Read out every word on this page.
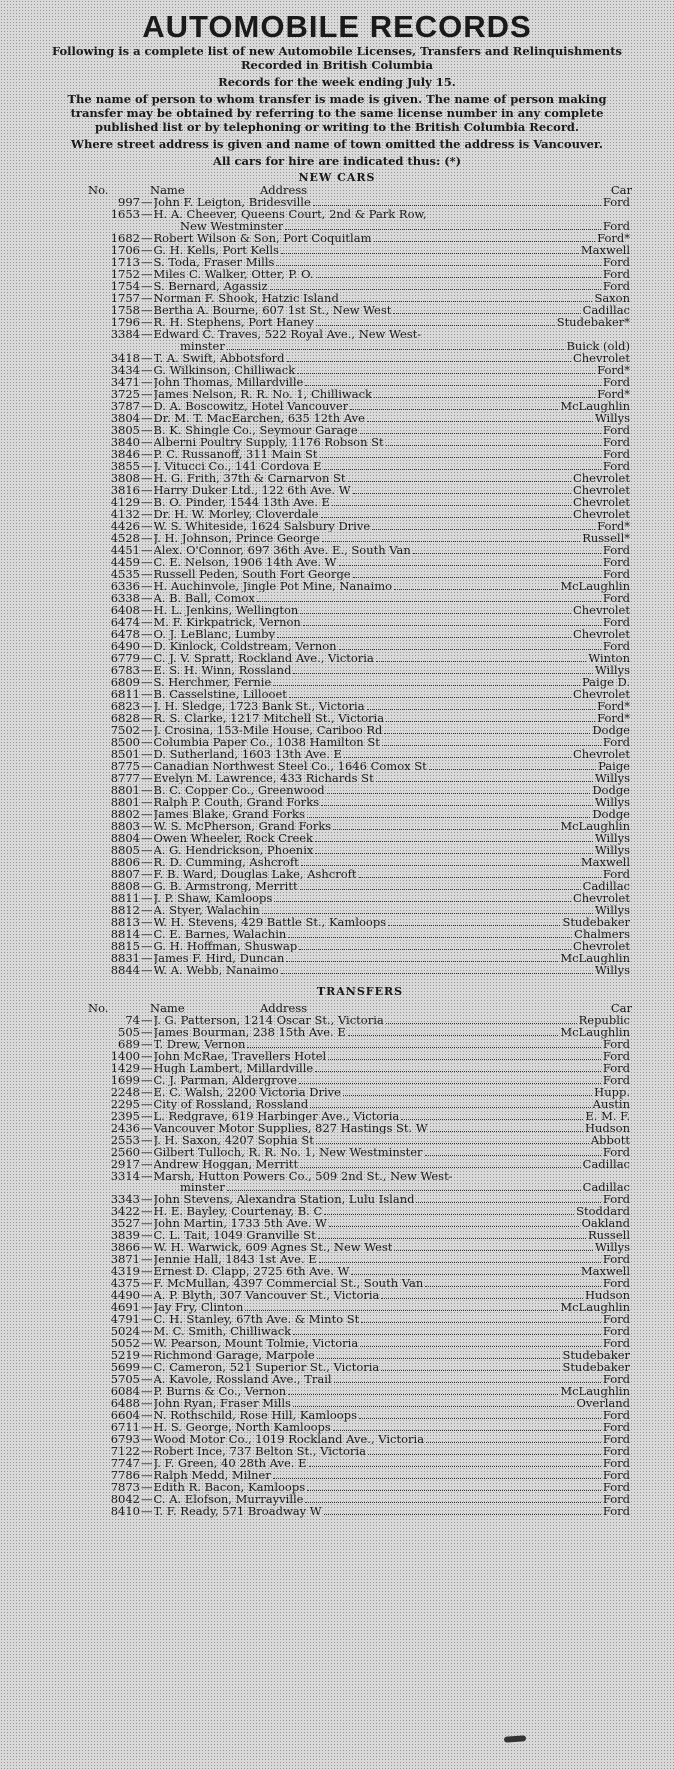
AUTOMOBILE RECORDS

Following is a complete list of new Automobile Licenses, Transfers and Relinquishments Recorded in British Columbia

Records for the week ending July 15.

The name of person to whom transfer is made is given. The name of person making transfer may be obtained by referring to the same license number in any complete published list or by telephoning or writing to the British Columbia Record.

Where street address is given and name of town omitted the address is Vancouver.

All cars for hire are indicated thus: (*)

NEW CARS
No.	Name	Address	Car
997 — John F. Leigton, Bridesville	Ford
1653 — H. A. Cheever, Queens Court, 2nd & Park Row,
New Westminster	Ford
1682 — Robert Wilson & Son, Port Coquitlam	Ford*
1706 — G. H. Kells, Port Kells	Maxwell
1713 — S. Toda, Fraser Mills	Ford
1752 — Miles C. Walker, Otter, P. O.	Ford
1754 — S. Bernard, Agassiz	Ford
1757 — Norman F. Shook, Hatzic Island	Saxon
1758 — Bertha A. Bourne, 607 1st St., New West	Cadillac
1796 — R. H. Stephens, Port Haney	Studebaker*
3384 — Edward C. Traves, 522 Royal Ave., New West-
minster	Buick (old)
3418 — T. A. Swift, Abbotsford	Chevrolet
3434 — G. Wilkinson, Chilliwack	Ford*
3471 — John Thomas, Millardville	Ford
3725 — James Nelson, R. R. No. 1, Chilliwack	Ford*
3787 — D. A. Boscowitz, Hotel Vancouver	McLaughlin
3804 — Dr. M. T. MacEarchen, 635 12th Ave	Willys
3805 — B. K. Shingle Co., Seymour Garage	Ford
3840 — Alberni Poultry Supply, 1176 Robson St	Ford
3846 — P. C. Russanoff, 311 Main St	Ford
3855 — J. Vitucci Co., 141 Cordova E	Ford
3808 — H. G. Frith, 37th & Carnarvon St	Chevrolet
3816 — Harry Duker Ltd., 122 6th Ave. W	Chevrolet
4129 — B. O. Pinder, 1544 13th Ave. E	Chevrolet
4132 — Dr. H. W. Morley, Cloverdale	Chevrolet
4426 — W. S. Whiteside, 1624 Salsbury Drive	Ford*
4528 — J. H. Johnson, Prince George	Russell*
4451 — Alex. O'Connor, 697 36th Ave. E., South Van	Ford
4459 — C. E. Nelson, 1906 14th Ave. W	Ford
4535 — Russell Peden, South Fort George	Ford
6336 — H. Auchinvole, Jingle Pot Mine, Nanaimo	McLaughlin
6338 — A. B. Ball, Comox	Ford
6408 — H. L. Jenkins, Wellington	Chevrolet
6474 — M. F. Kirkpatrick, Vernon	Ford
6478 — O. J. LeBlanc, Lumby	Chevrolet
6490 — D. Kinlock, Coldstream, Vernon	Ford
6779 — C. J. V. Spratt, Rockland Ave., Victoria	Winton
6783 — E. S. H. Winn, Rossland	Willys
6809 — S. Herchmer, Fernie	Paige D.
6811 — B. Casselstine, Lillooet	Chevrolet
6823 — J. H. Sledge, 1723 Bank St., Victoria	Ford*
6828 — R. S. Clarke, 1217 Mitchell St., Victoria	Ford*
7502 — J. Crosina, 153-Mile House, Cariboo Rd	Dodge
8500 — Columbia Paper Co., 1038 Hamilton St	Ford
8501 — D. Sutherland, 1603 13th Ave. E	Chevrolet
8775 — Canadian Northwest Steel Co., 1646 Comox St	Paige
8777 — Evelyn M. Lawrence, 433 Richards St	Willys
8801 — B. C. Copper Co., Greenwood	Dodge
8801 — Ralph P. Couth, Grand Forks	Willys
8802 — James Blake, Grand Forks	Dodge
8803 — W. S. McPherson, Grand Forks	McLaughlin
8804 — Owen Wheeler, Rock Creek	Willys
8805 — A. G. Hendrickson, Phoenix	Willys
8806 — R. D. Cumming, Ashcroft	Maxwell
8807 — F. B. Ward, Douglas Lake, Ashcroft	Ford
8808 — G. B. Armstrong, Merritt	Cadillac
8811 — J. P. Shaw, Kamloops	Chevrolet
8812 — A. Styer, Walachin	Willys
8813 — W. H. Stevens, 429 Battle St., Kamloops	Studebaker
8814 — C. E. Barnes, Walachin	Chalmers
8815 — G. H. Hoffman, Shuswap	Chevrolet
8831 — James F. Hird, Duncan	McLaughlin
8844 — W. A. Webb, Nanaimo	Willys
TRANSFERS
No.	Name	Address	Car
74 — J. G. Patterson, 1214 Oscar St., Victoria	Republic
505 — James Bourman, 238 15th Ave. E	McLaughlin
689 — T. Drew, Vernon	Ford
1400 — John McRae, Travellers Hotel	Ford
1429 — Hugh Lambert, Millardville	Ford
1699 — C. J. Parman, Aldergrove	Ford
2248 — E. C. Walsh, 2200 Victoria Drive	Hupp.
2295 — City of Rossland, Rossland	Austin
2395 — L. Redgrave, 619 Harbinger Ave., Victoria	E. M. F.
2436 — Vancouver Motor Supplies, 827 Hastings St. W	Hudson
2553 — J. H. Saxon, 4207 Sophia St	Abbott
2560 — Gilbert Tulloch, R. R. No. 1, New Westminster	Ford
2917 — Andrew Hoggan, Merritt	Cadillac
3314 — Marsh, Hutton Powers Co., 509 2nd St., New West-
minster	Cadillac
3343 — John Stevens, Alexandra Station, Lulu Island	Ford
3422 — H. E. Bayley, Courtenay, B. C	Stoddard
3527 — John Martin, 1733 5th Ave. W	Oakland
3839 — C. L. Tait, 1049 Granville St	Russell
3866 — W. H. Warwick, 609 Agnes St., New West	Willys
3871 — Jennie Hall, 1843 1st Ave. E	Ford
4319 — Ernest D. Clapp, 2725 6th Ave. W	Maxwell
4375 — F. McMullan, 4397 Commercial St., South Van	Ford
4490 — A. P. Blyth, 307 Vancouver St., Victoria	Hudson
4691 — Jay Fry, Clinton	McLaughlin
4791 — C. H. Stanley, 67th Ave. & Minto St	Ford
5024 — M. C. Smith, Chilliwack	Ford
5052 — W. Pearson, Mount Tolmie, Victoria	Ford
5219 — Richmond Garage, Marpole	Studebaker
5699 — C. Cameron, 521 Superior St., Victoria	Studebaker
5705 — A. Kavole, Rossland Ave., Trail	Ford
6084 — P. Burns & Co., Vernon	McLaughlin
6488 — John Ryan, Fraser Mills	Overland
6604 — N. Rothschild, Rose Hill, Kamloops	Ford
6711 — H. S. George, North Kamloops	Ford
6793 — Wood Motor Co., 1019 Rockland Ave., Victoria	Ford
7122 — Robert Ince, 737 Belton St., Victoria	Ford
7747 — J. F. Green, 40 28th Ave. E	Ford
7786 — Ralph Medd, Milner	Ford
7873 — Edith R. Bacon, Kamloops	Ford
8042 — C. A. Elofson, Murrayville	Ford
8410 — T. F. Ready, 571 Broadway W	Ford
